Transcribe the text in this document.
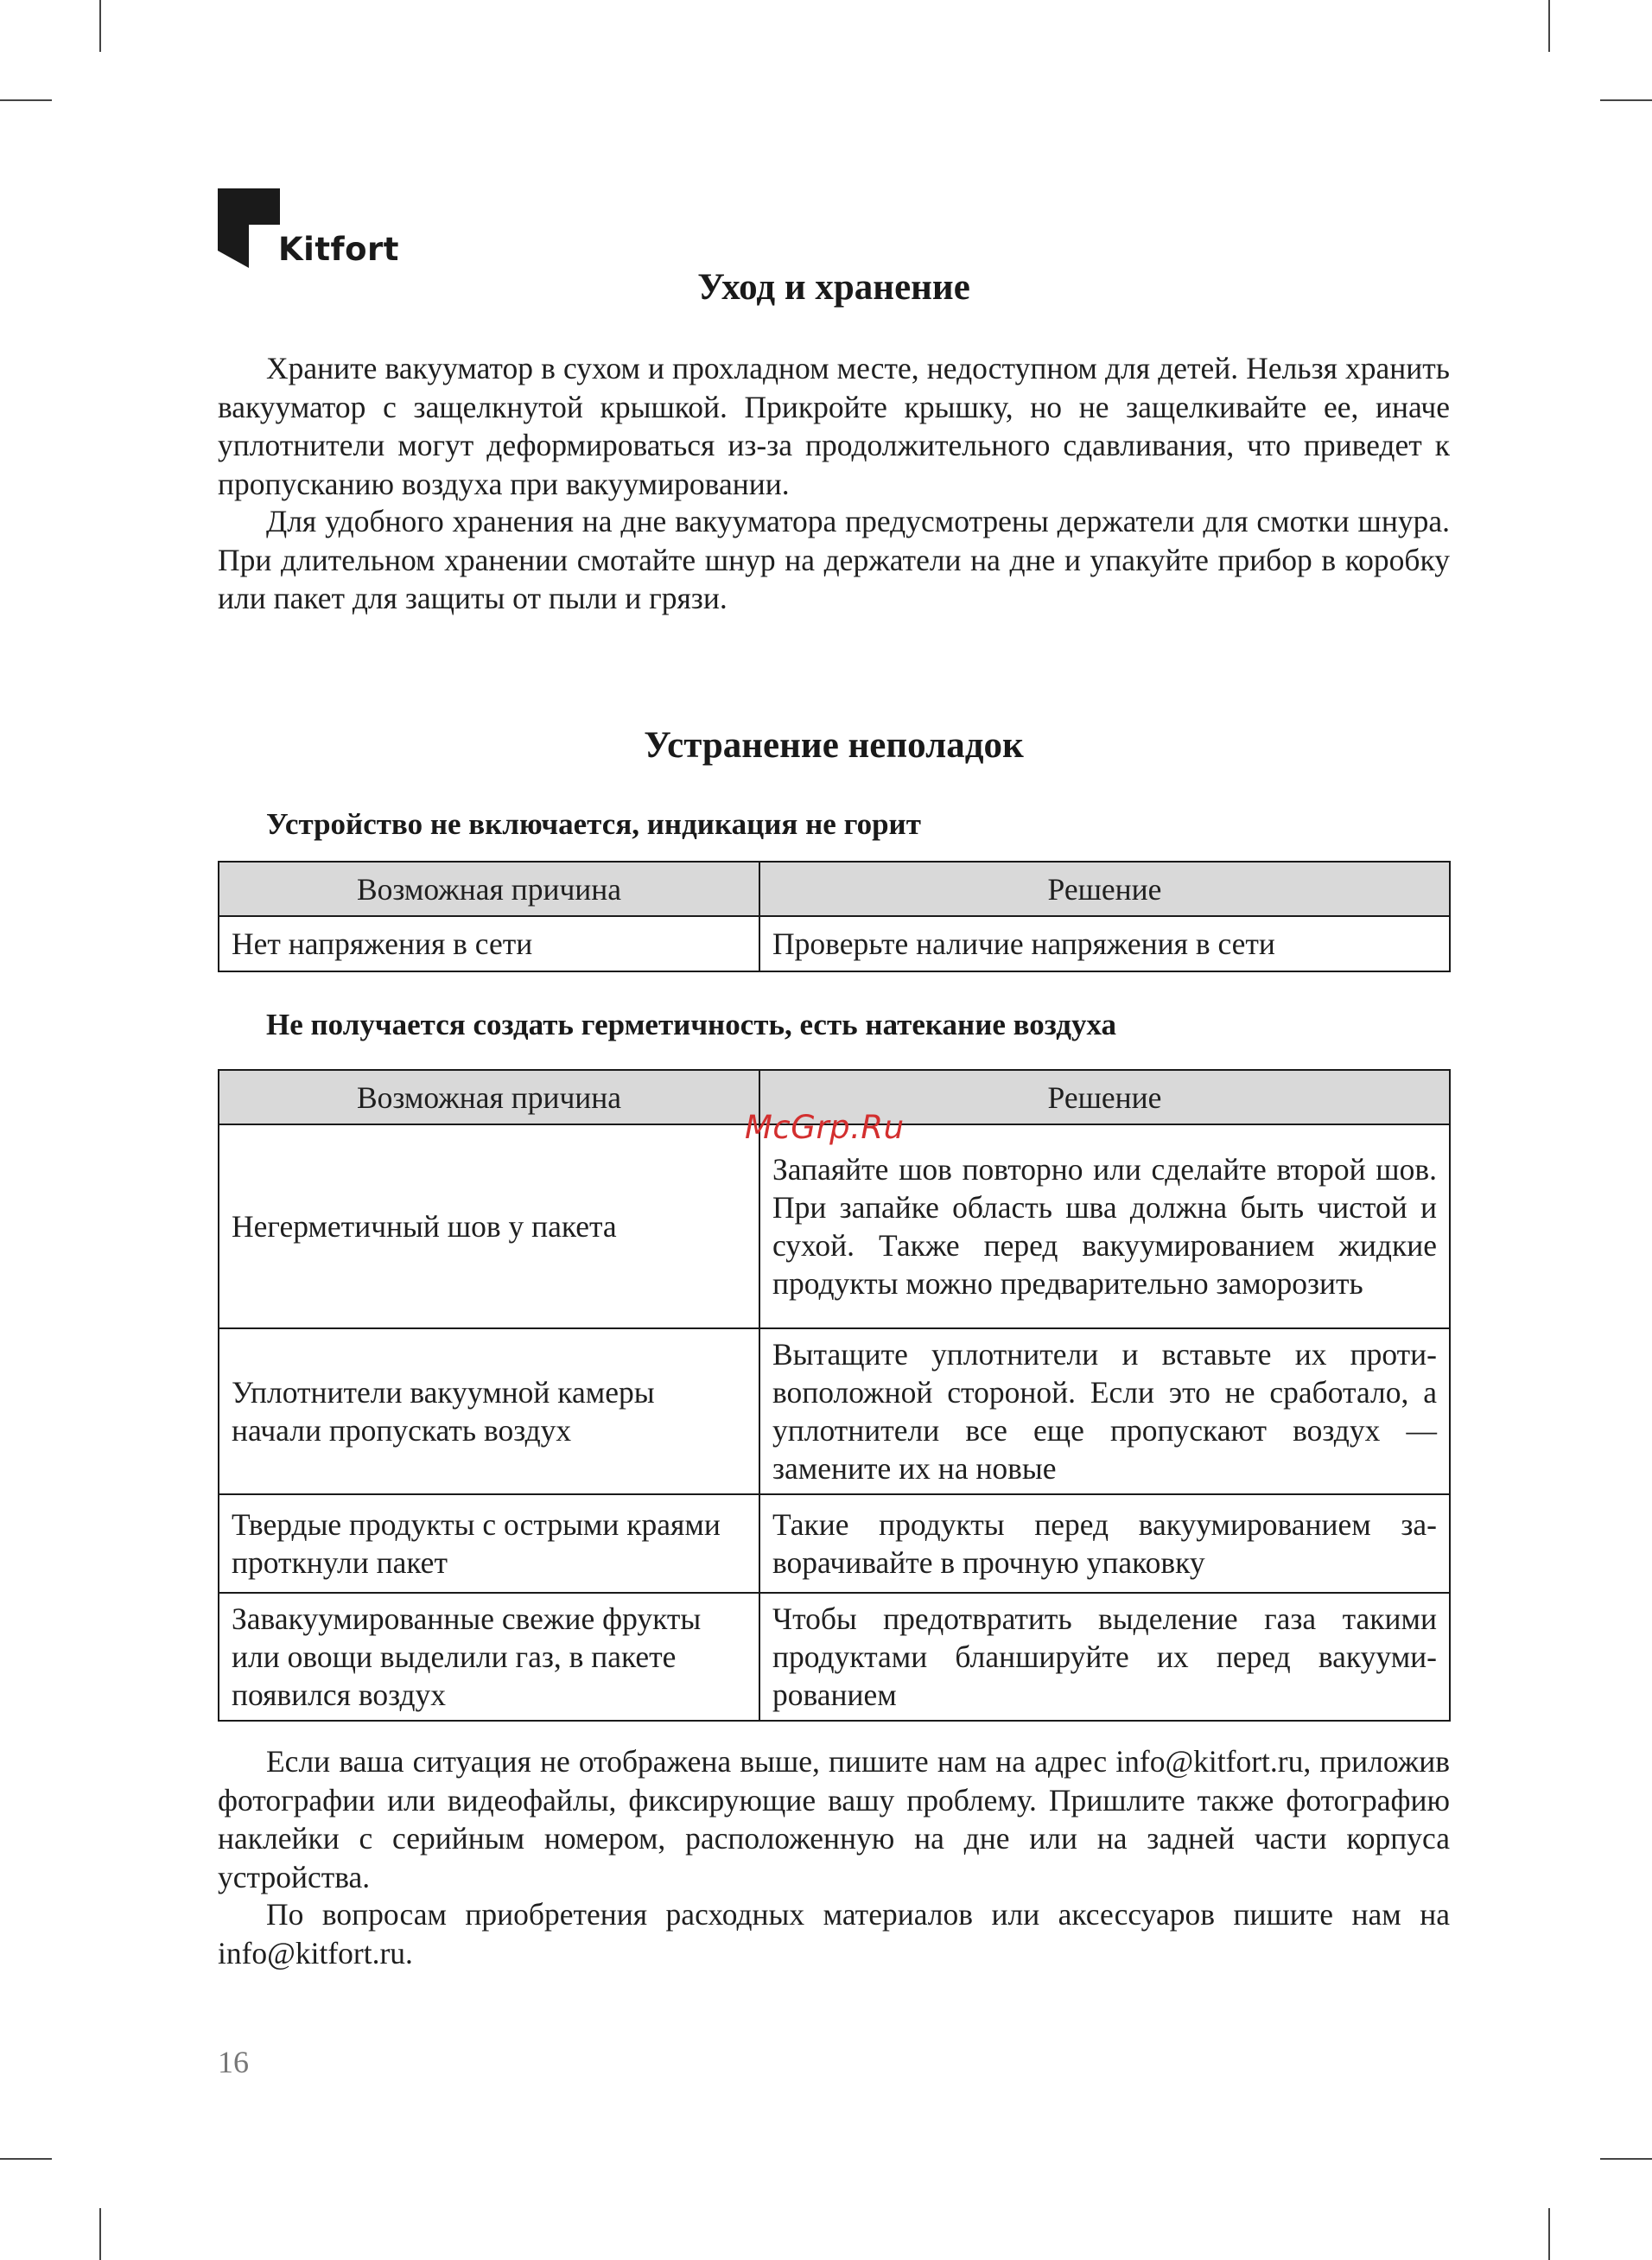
Kitfort
Уход и хранение

Храните вакууматор в сухом и прохладном месте, недоступном для детей. Нельзя хранить вакууматор с защелкнутой крышкой. Прикройте крышку, но не защелкивайте ее, иначе уплотнители могут деформироваться из-за продолжительного сдавливания, что приведет к пропусканию воздуха при вакуумировании.

Для удобного хранения на дне вакууматора предусмотрены держатели для смотки шнура. При длительном хранении смотайте шнур на держатели на дне и упакуйте прибор в коробку или пакет для защиты от пыли и грязи.

Устранение неполадок

Устройство не включается, индикация не горит

Возможная причина	Решение
Нет напряжения в сети	Проверьте наличие напряжения в сети

Не получается создать герметичность, есть натекание воздуха

Возможная причина	Решение
Негерметичный шов у пакета	Запаяйте шов повторно или сделайте второй шов. При запайке область шва должна быть чистой и сухой. Также перед вакуумированием жидкие продукты можно предварительно заморозить
Уплотнители вакуумной камеры начали пропускать воздух	Вытащите уплотнители и вставьте их противоположной стороной. Если это не сработало, а уплотнители все еще пропускают воздух — замените их на новые
Твердые продукты с острыми краями проткнули пакет	Такие продукты перед вакуумированием заворачивайте в прочную упаковку
Завакуумированные свежие фрукты или овощи выделили газ, в пакете появился воздух	Чтобы предотвратить выделение газа такими продуктами бланшируйте их перед вакуумированием

Если ваша ситуация не отображена выше, пишите нам на адрес info@kitfort.ru, приложив фотографии или видеофайлы, фиксирующие вашу проблему. Пришлите также фотографию наклейки с серийным номером, расположенную на дне или на задней части корпуса устройства.

По вопросам приобретения расходных материалов или аксессуаров пишите нам на info@kitfort.ru.

McGrp.Ru
16
